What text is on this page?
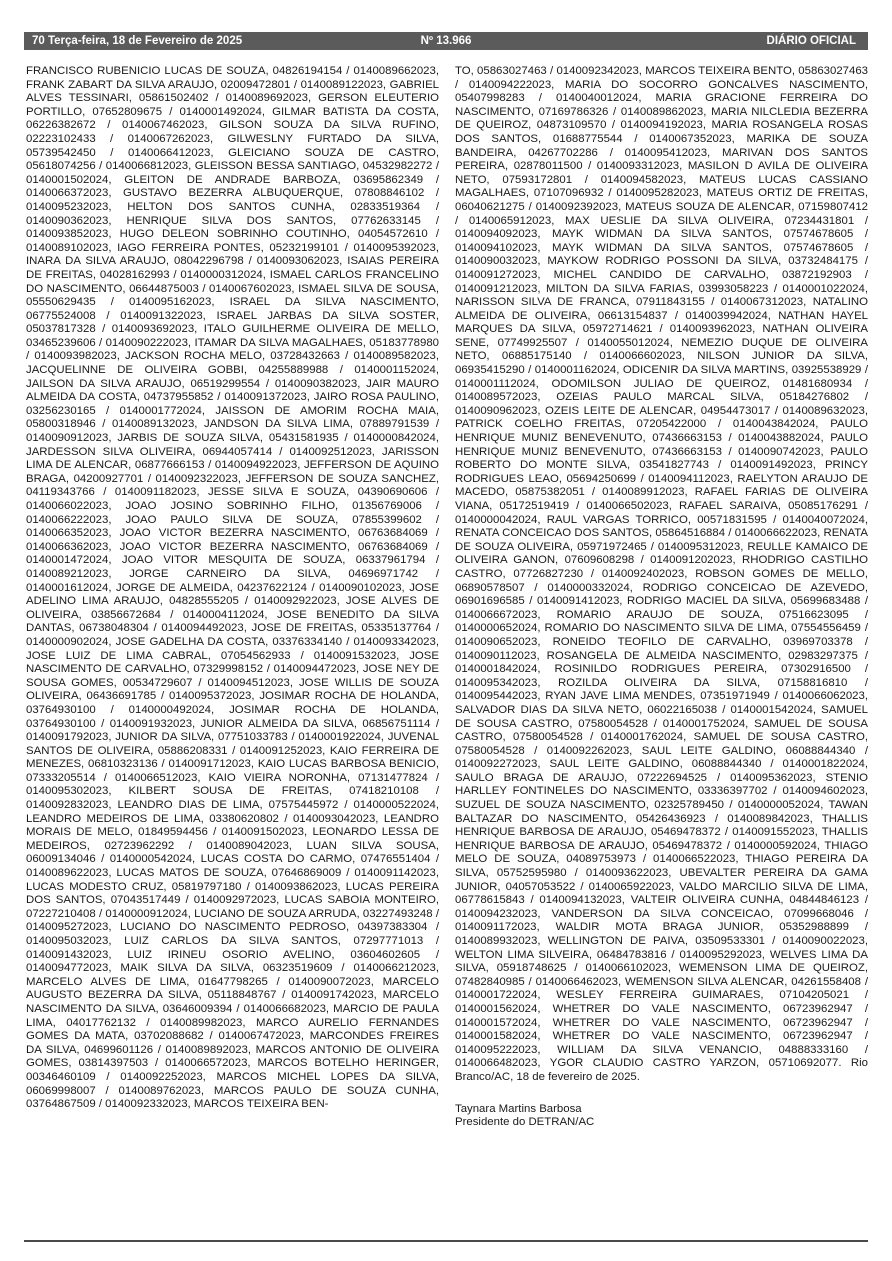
Nº 13.966
70 Terça-feira, 18 de Fevereiro de 2025	DIÁRIO OFICIAL

FRANCISCO RUBENICIO LUCAS DE SOUZA, 04826194154 / 0140089662023, FRANK ZABART DA SILVA ARAUJO, 02009472801 / 0140089122023, GABRIEL ALVES TESSINARI, 05861502402 / 0140089692023, GERSON ELEUTERIO PORTILLO, 07652809675 / 0140001492024, GILMAR BATISTA DA COSTA, 06226382672 / 0140067462023, GILSON SOUZA DA SILVA RUFINO, 02223102433 / 0140067262023, GILWESLNY FURTADO DA SILVA, 05739542450 / 0140066412023, GLEICIANO SOUZA DE CASTRO, 05618074256 / 0140066812023, GLEISSON BESSA SANTIAGO, 04532982272 / 0140001502024, GLEITON DE ANDRADE BARBOZA, 03695862349 / 0140066372023, GUSTAVO BEZERRA ALBUQUERQUE, 07808846102 / 0140095232023, HELTON DOS SANTOS CUNHA, 02833519364 / 0140090362023, HENRIQUE SILVA DOS SANTOS, 07762633145 / 0140093852023, HUGO DELEON SOBRINHO COUTINHO, 04054572610 / 0140089102023, IAGO FERREIRA PONTES, 05232199101 / 0140095392023, INARA DA SILVA ARAUJO, 08042296798 / 0140093062023, ISAIAS PEREIRA DE FREITAS, 04028162993 / 0140000312024, ISMAEL CARLOS FRANCELINO DO NASCIMENTO, 06644875003 / 0140067602023, ISMAEL SILVA DE SOUSA, 05550629435 / 0140095162023, ISRAEL DA SILVA NASCIMENTO, 06775524008 / 0140091322023, ISRAEL JARBAS DA SILVA SOSTER, 05037817328 / 0140093692023, ITALO GUILHERME OLIVEIRA DE MELLO, 03465239606 / 0140090222023, ITAMAR DA SILVA MAGALHAES, 05183778980 / 0140093982023, JACKSON ROCHA MELO, 03728432663 / 0140089582023, JACQUELINNE DE OLIVEIRA GOBBI, 04255889988 / 0140001152024, JAILSON DA SILVA ARAUJO, 06519299554 / 0140090382023, JAIR MAURO ALMEIDA DA COSTA, 04737955852 / 0140091372023, JAIRO ROSA PAULINO, 03256230165 / 0140001772024, JAISSON DE AMORIM ROCHA MAIA, 05800318946 / 0140089132023, JANDSON DA SILVA LIMA, 07889791539 / 0140090912023, JARBIS DE SOUZA SILVA, 05431581935 / 0140000842024, JARDESSON SILVA OLIVEIRA, 06944057414 / 0140092512023, JARISSON LIMA DE ALENCAR, 06877666153 / 0140094922023, JEFFERSON DE AQUINO BRAGA, 04200927701 / 0140092322023, JEFFERSON DE SOUZA SANCHEZ, 04119343766 / 0140091182023, JESSE SILVA E SOUZA, 04390690606 / 0140066022023, JOAO JOSINO SOBRINHO FILHO, 01356769006 / 0140066222023, JOAO PAULO SILVA DE SOUZA, 07855399602 / 0140066352023, JOAO VICTOR BEZERRA NASCIMENTO, 06763684069 / 0140066362023, JOAO VICTOR BEZERRA NASCIMENTO, 06763684069 / 0140001472024, JOAO VITOR MESQUITA DE SOUZA, 06337961794 / 0140089212023, JORGE CARNEIRO DA SILVA, 04696971742 / 0140001612024, JORGE DE ALMEIDA, 04237622124 / 0140090102023, JOSE ADELINO LIMA ARAUJO, 04828555205 / 0140092922023, JOSE ALVES DE OLIVEIRA, 03856672684 / 0140004112024, JOSE BENEDITO DA SILVA DANTAS, 06738048304 / 0140094492023, JOSE DE FREITAS, 05335137764 / 0140000902024, JOSE GADELHA DA COSTA, 03376334140 / 0140093342023, JOSE LUIZ DE LIMA CABRAL, 07054562933 / 0140091532023, JOSE NASCIMENTO DE CARVALHO, 07329998152 / 0140094472023, JOSE NEY DE SOUSA GOMES, 00534729607 / 0140094512023, JOSE WILLIS DE SOUZA OLIVEIRA, 06436691785 / 0140095372023, JOSIMAR ROCHA DE HOLANDA, 03764930100 / 0140000492024, JOSIMAR ROCHA DE HOLANDA, 03764930100 / 0140091932023, JUNIOR ALMEIDA DA SILVA, 06856751114 / 0140091792023, JUNIOR DA SILVA, 07751033783 / 0140001922024, JUVENAL SANTOS DE OLIVEIRA, 05886208331 / 0140091252023, KAIO FERREIRA DE MENEZES, 06810323136 / 0140091712023, KAIO LUCAS BARBOSA BENICIO, 07333205514 / 0140066512023, KAIO VIEIRA NORONHA, 07131477824 / 0140095302023, KILBERT SOUSA DE FREITAS, 07418210108 / 0140092832023, LEANDRO DIAS DE LIMA, 07575445972 / 0140000522024, LEANDRO MEDEIROS DE LIMA, 03380620802 / 0140093042023, LEANDRO MORAIS DE MELO, 01849594456 / 0140091502023, LEONARDO LESSA DE MEDEIROS, 02723962292 / 0140089042023, LUAN SILVA SOUSA, 06009134046 / 0140000542024, LUCAS COSTA DO CARMO, 07476551404 / 0140089622023, LUCAS MATOS DE SOUZA, 07646869009 / 0140091142023, LUCAS MODESTO CRUZ, 05819797180 / 0140093862023, LUCAS PEREIRA DOS SANTOS, 07043517449 / 0140092972023, LUCAS SABOIA MONTEIRO, 07227210408 / 0140000912024, LUCIANO DE SOUZA ARRUDA, 03227493248 / 0140095272023, LUCIANO DO NASCIMENTO PEDROSO, 04397383304 / 0140095032023, LUIZ CARLOS DA SILVA SANTOS, 07297771013 / 0140091432023, LUIZ IRINEU OSORIO AVELINO, 03604602605 / 0140094772023, MAIK SILVA DA SILVA, 06323519609 / 0140066212023, MARCELO ALVES DE LIMA, 01647798265 / 0140090072023, MARCELO AUGUSTO BEZERRA DA SILVA, 05118848767 / 0140091742023, MARCELO NASCIMENTO DA SILVA, 03646009394 / 0140066682023, MARCIO DE PAULA LIMA, 04017762132 / 0140089982023, MARCO AURELIO FERNANDES GOMES DA MATA, 03702088682 / 0140067472023, MARCONDES FREIRES DA SILVA, 04699601126 / 0140089892023, MARCOS ANTONIO DE OLIVEIRA GOMES, 03814397503 / 0140066572023, MARCOS BOTELHO HERINGER, 00346460109 / 0140092252023, MARCOS MICHEL LOPES DA SILVA, 06069998007 / 0140089762023, MARCOS PAULO DE SOUZA CUNHA, 03764867509 / 0140092332023, MARCOS TEIXEIRA BEN-

TO, 05863027463 / 0140092342023, MARCOS TEIXEIRA BENTO, 05863027463 / 0140094222023, MARIA DO SOCORRO GONCALVES NASCIMENTO, 05407998283 / 0140040012024, MARIA GRACIONE FERREIRA DO NASCIMENTO, 07169786326 / 0140089862023, MARIA NILCLEDIA BEZERRA DE QUEIROZ, 04873109570 / 0140094192023, MARIA ROSANGELA ROSAS DOS SANTOS, 01688775544 / 0140067352023, MARIKA DE SOUZA BANDEIRA, 04267702286 / 0140095412023, MARIVAN DOS SANTOS PEREIRA, 02878011500 / 0140093312023, MASILON D AVILA DE OLIVEIRA NETO, 07593172801 / 0140094582023, MATEUS LUCAS CASSIANO MAGALHAES, 07107096932 / 0140095282023, MATEUS ORTIZ DE FREITAS, 06040621275 / 0140092392023, MATEUS SOUZA DE ALENCAR, 07159807412 / 0140065912023, MAX UESLIE DA SILVA OLIVEIRA, 07234431801 / 0140094092023, MAYK WIDMAN DA SILVA SANTOS, 07574678605 / 0140094102023, MAYK WIDMAN DA SILVA SANTOS, 07574678605 / 0140090032023, MAYKOW RODRIGO POSSONI DA SILVA, 03732484175 / 0140091272023, MICHEL CANDIDO DE CARVALHO, 03872192903 / 0140091212023, MILTON DA SILVA FARIAS, 03993058223 / 0140001022024, NARISSON SILVA DE FRANCA, 07911843155 / 0140067312023, NATALINO ALMEIDA DE OLIVEIRA, 06613154837 / 0140039942024, NATHAN HAYEL MARQUES DA SILVA, 05972714621 / 0140093962023, NATHAN OLIVEIRA SENE, 07749925507 / 0140055012024, NEMEZIO DUQUE DE OLIVEIRA NETO, 06885175140 / 0140066602023, NILSON JUNIOR DA SILVA, 06935415290 / 0140001162024, ODICENIR DA SILVA MARTINS, 03925538929 / 0140001112024, ODOMILSON JULIAO DE QUEIROZ, 01481680934 / 0140089572023, OZEIAS PAULO MARCAL SILVA, 05184276802 / 0140090962023, OZEIS LEITE DE ALENCAR, 04954473017 / 0140089632023, PATRICK COELHO FREITAS, 07205422000 / 0140043842024, PAULO HENRIQUE MUNIZ BENEVENUTO, 07436663153 / 0140043882024, PAULO HENRIQUE MUNIZ BENEVENUTO, 07436663153 / 0140090742023, PAULO ROBERTO DO MONTE SILVA, 03541827743 / 0140091492023, PRINCY RODRIGUES LEAO, 05694250699 / 0140094112023, RAELYTON ARAUJO DE MACEDO, 05875382051 / 0140089912023, RAFAEL FARIAS DE OLIVEIRA VIANA, 05172519419 / 0140066502023, RAFAEL SARAIVA, 05085176291 / 0140000042024, RAUL VARGAS TORRICO, 00571831595 / 0140040072024, RENATA CONCEICAO DOS SANTOS, 05864516884 / 0140066622023, RENATA DE SOUZA OLIVEIRA, 05971972465 / 0140095312023, REULLE KAMAICO DE OLIVEIRA GANON, 07609608298 / 0140091202023, RHODRIGO CASTILHO CASTRO, 07726827230 / 0140092402023, ROBSON GOMES DE MELLO, 06890578507 / 0140000332024, RODRIGO CONCEICAO DE AZEVEDO, 06901696585 / 0140091412023, RODRIGO MACIEL DA SILVA, 05699683488 / 0140066672023, ROMARIO ARAUJO DE SOUZA, 07516623095 / 0140000652024, ROMARIO DO NASCIMENTO SILVA DE LIMA, 07554556459 / 0140090652023, RONEIDO TEOFILO DE CARVALHO, 03969703378 / 0140090112023, ROSANGELA DE ALMEIDA NASCIMENTO, 02983297375 / 0140001842024, ROSINILDO RODRIGUES PEREIRA, 07302916500 / 0140095342023, ROZILDA OLIVEIRA DA SILVA, 07158816810 / 0140095442023, RYAN JAVE LIMA MENDES, 07351971949 / 0140066062023, SALVADOR DIAS DA SILVA NETO, 06022165038 / 0140001542024, SAMUEL DE SOUSA CASTRO, 07580054528 / 0140001752024, SAMUEL DE SOUSA CASTRO, 07580054528 / 0140001762024, SAMUEL DE SOUSA CASTRO, 07580054528 / 0140092262023, SAUL LEITE GALDINO, 06088844340 / 0140092272023, SAUL LEITE GALDINO, 06088844340 / 0140001822024, SAULO BRAGA DE ARAUJO, 07222694525 / 0140095362023, STENIO HARLLEY FONTINELES DO NASCIMENTO, 03336397702 / 0140094602023, SUZUEL DE SOUZA NASCIMENTO, 02325789450 / 0140000052024, TAWAN BALTAZAR DO NASCIMENTO, 05426436923 / 0140089842023, THALLIS HENRIQUE BARBOSA DE ARAUJO, 05469478372 / 0140091552023, THALLIS HENRIQUE BARBOSA DE ARAUJO, 05469478372 / 0140000592024, THIAGO MELO DE SOUZA, 04089753973 / 0140066522023, THIAGO PEREIRA DA SILVA, 05752595980 / 0140093622023, UBEVALTER PEREIRA DA GAMA JUNIOR, 04057053522 / 0140065922023, VALDO MARCILIO SILVA DE LIMA, 06778615843 / 0140094132023, VALTEIR OLIVEIRA CUNHA, 04844846123 / 0140094232023, VANDERSON DA SILVA CONCEICAO, 07099668046 / 0140091172023, WALDIR MOTA BRAGA JUNIOR, 05352988899 / 0140089932023, WELLINGTON DE PAIVA, 03509533301 / 0140090022023, WELTON LIMA SILVEIRA, 06484783816 / 0140095292023, WELVES LIMA DA SILVA, 05918748625 / 0140066102023, WEMENSON LIMA DE QUEIROZ, 07482840985 / 0140066462023, WEMENSON SILVA ALENCAR, 04261558408 / 0140001722024, WESLEY FERREIRA GUIMARAES, 07104205021 / 0140001562024, WHETRER DO VALE NASCIMENTO, 06723962947 / 0140001572024, WHETRER DO VALE NASCIMENTO, 06723962947 / 0140001582024, WHETRER DO VALE NASCIMENTO, 06723962947 / 0140095222023, WILLIAM DA SILVA VENANCIO, 04888333160 / 0140066482023, YGOR CLAUDIO CASTRO YARZON, 05710692077. Rio Branco/AC, 18 de fevereiro de 2025.

Taynara Martins Barbosa
Presidente do DETRAN/AC
